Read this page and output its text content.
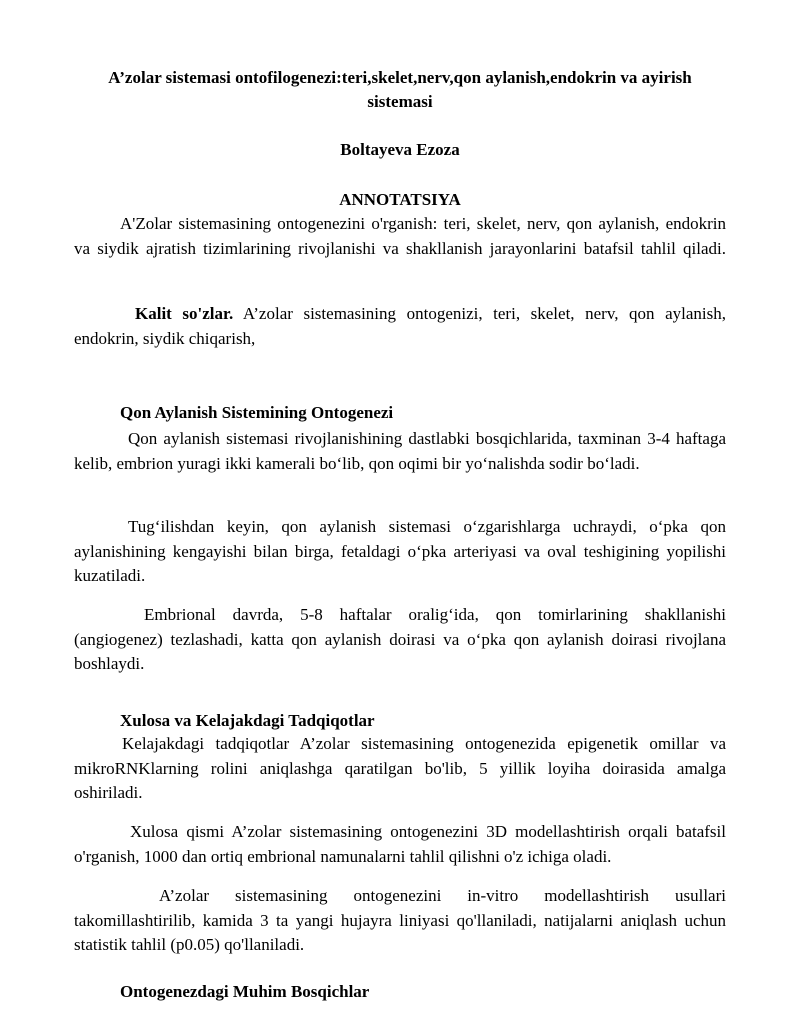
A’zolar sistemasi ontofilogenezi:teri,skelet,nerv,qon aylanish,endokrin va ayirish sistemasi
Boltayeva Ezoza
ANNOTATSIYA

A'Zolar sistemasining ontogenezini o'rganish: teri, skelet, nerv, qon aylanish, endokrin va siydik ajratish tizimlarining rivojlanishi va shakllanish jarayonlarini batafsil tahlil qiladi.

Kalit so'zlar. A’zolar sistemasining ontogenizi, teri, skelet, nerv, qon aylanish, endokrin, siydik chiqarish,

Qon Aylanish Sistemining Ontogenezi

Qon aylanish sistemasi rivojlanishining dastlabki bosqichlarida, taxminan 3-4 haftaga kelib, embrion yuragi ikki kamerali bo‘lib, qon oqimi bir yo‘nalishda sodir bo‘ladi.

Tug‘ilishdan keyin, qon aylanish sistemasi o‘zgarishlarga uchraydi, o‘pka qon aylanishining kengayishi bilan birga, fetaldagi o‘pka arteriyasi va oval teshigining yopilishi kuzatiladi.

Embrional davrda, 5-8 haftalar oralig‘ida, qon tomirlarining shakllanishi (angiogenez) tezlashadi, katta qon aylanish doirasi va o‘pka qon aylanish doirasi rivojlana boshlaydi.

Xulosa va Kelajakdagi Tadqiqotlar

Kelajakdagi tadqiqotlar A’zolar sistemasining ontogenezida epigenetik omillar va mikroRNKlarning rolini aniqlashga qaratilgan bo'lib, 5 yillik loyiha doirasida amalga oshiriladi.

Xulosa qismi A’zolar sistemasining ontogenezini 3D modellashtirish orqali batafsil o'rganish, 1000 dan ortiq embrional namunalarni tahlil qilishni o'z ichiga oladi.

A’zolar sistemasining ontogenezini in-vitro modellashtirish usullari takomillashtirilib, kamida 3 ta yangi hujayra liniyasi qo'llaniladi, natijalarni aniqlash uchun statistik tahlil (p0.05) qo'llaniladi.

Ontogenezdagi Muhim Bosqichlar
